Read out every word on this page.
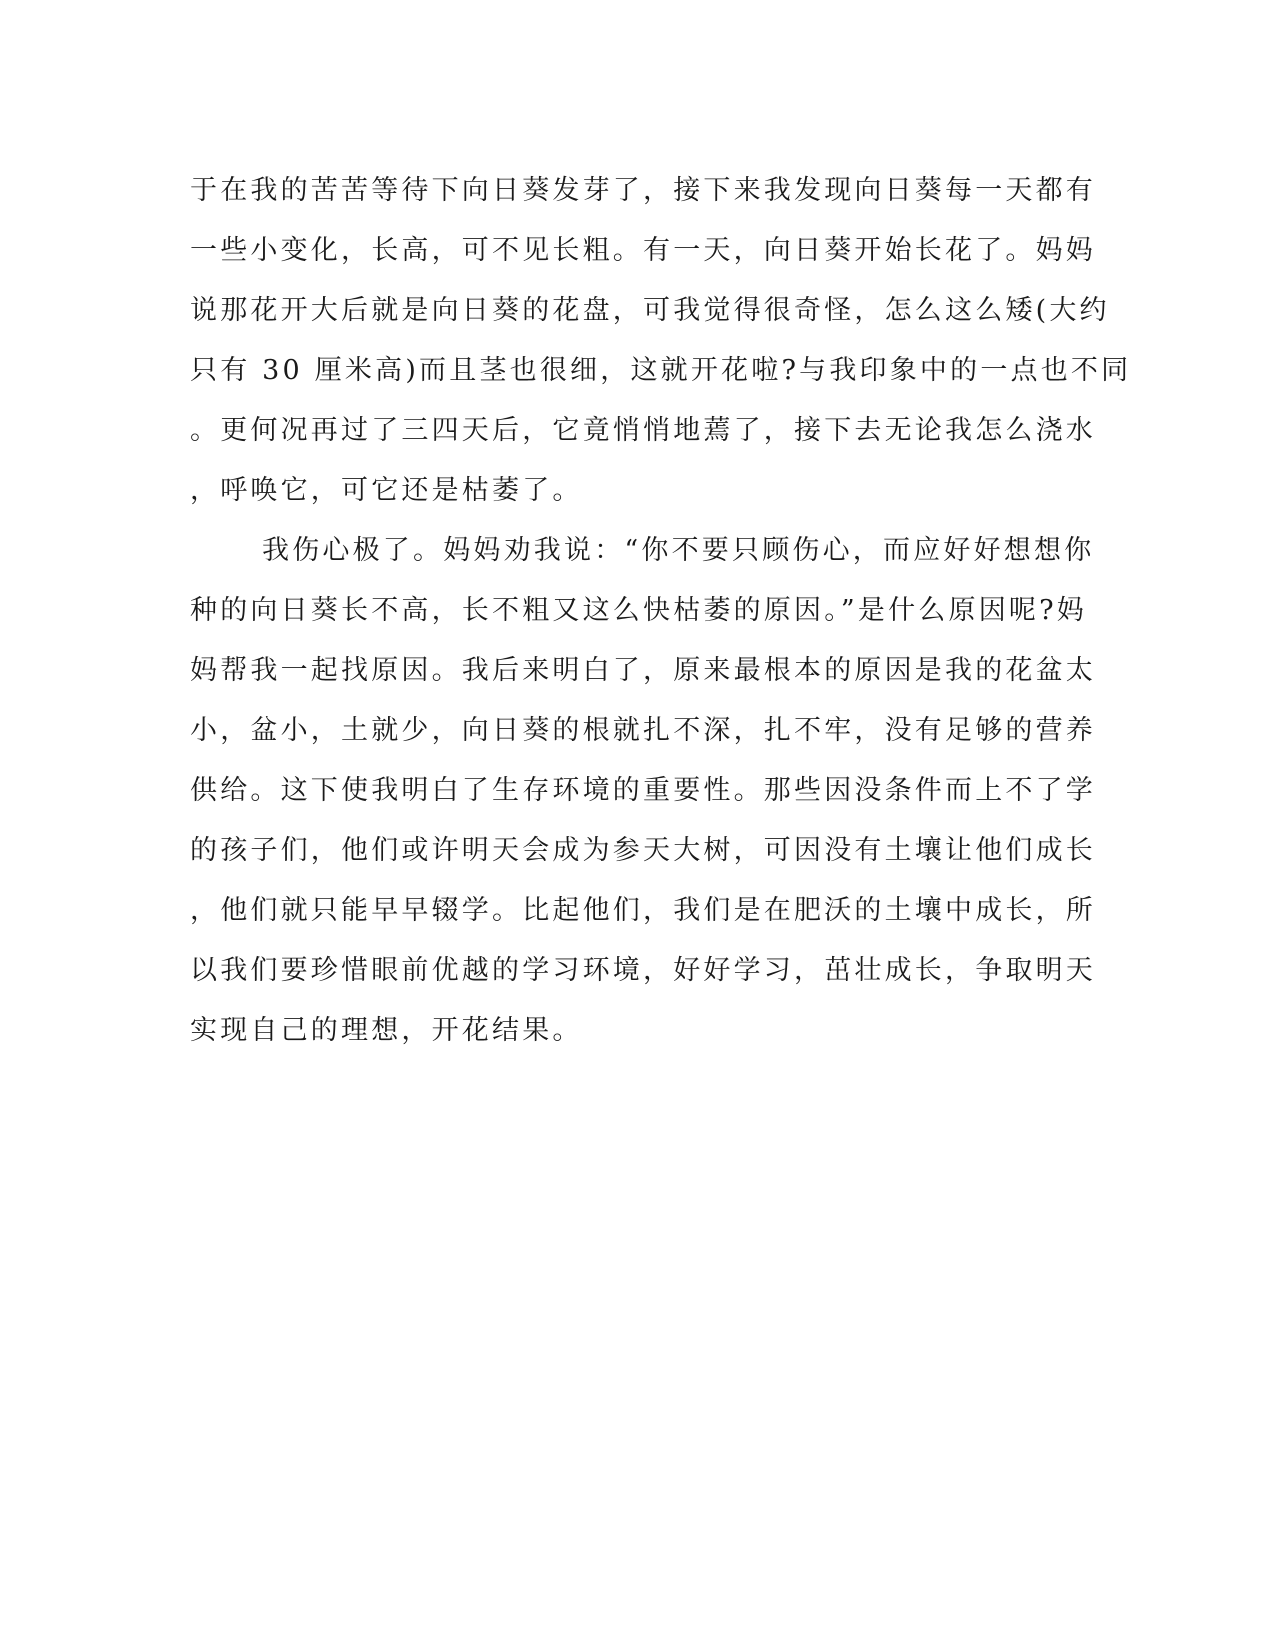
于在我的苦苦等待下向日葵发芽了，接下来我发现向日葵每一天都有
一些小变化，长高，可不见长粗。有一天，向日葵开始长花了。妈妈
说那花开大后就是向日葵的花盘，可我觉得很奇怪，怎么这么矮(大约
只有 30 厘米高)而且茎也很细，这就开花啦?与我印象中的一点也不同
。更何况再过了三四天后，它竟悄悄地蔫了，接下去无论我怎么浇水
，呼唤它，可它还是枯萎了。
我伤心极了。妈妈劝我说：“你不要只顾伤心，而应好好想想你
种的向日葵长不高，长不粗又这么快枯萎的原因。”是什么原因呢?妈
妈帮我一起找原因。我后来明白了，原来最根本的原因是我的花盆太
小，盆小，土就少，向日葵的根就扎不深，扎不牢，没有足够的营养
供给。这下使我明白了生存环境的重要性。那些因没条件而上不了学
的孩子们，他们或许明天会成为参天大树，可因没有土壤让他们成长
，他们就只能早早辍学。比起他们，我们是在肥沃的土壤中成长，所
以我们要珍惜眼前优越的学习环境，好好学习，茁壮成长，争取明天
实现自己的理想，开花结果。
